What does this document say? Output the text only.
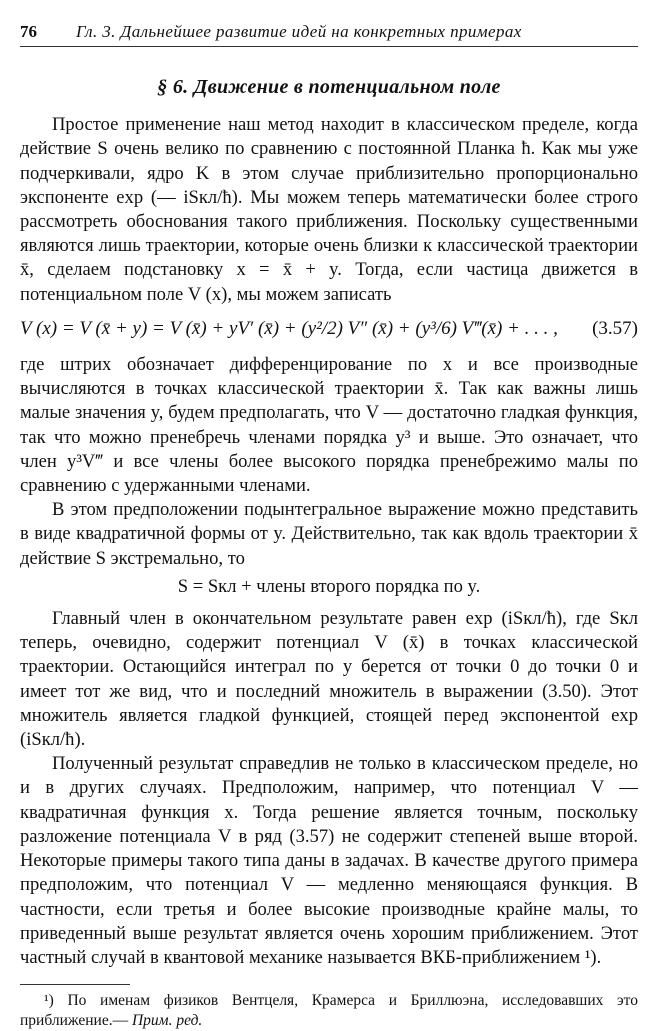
76	Гл. 3. Дальнейшее развитие идей на конкретных примерах
§ 6. Движение в потенциальном поле

Простое применение наш метод находит в классическом пределе, когда действие S очень велико по сравнению с постоянной Планка ħ. Как мы уже подчеркивали, ядро K в этом случае приблизительно пропорционально экспоненте exp (— iSкл/ħ). Мы можем теперь математически более строго рассмотреть обоснования такого приближения. Поскольку существенными являются лишь траектории, которые очень близки к классической траектории x̄, сделаем подстановку x = x̄ + y. Тогда, если частица движется в потенциальном поле V (x), мы можем записать

V (x) = V (x̄ + y) = V (x̄) + yV′ (x̄) + (y²/2) V″ (x̄) + (y³/6) V‴(x̄) + . . . , (3.57)

где штрих обозначает дифференцирование по x и все производные вычисляются в точках классической траектории x̄. Так как важны лишь малые значения y, будем предполагать, что V — достаточно гладкая функция, так что можно пренебречь членами порядка y³ и выше. Это означает, что член y³V‴ и все члены более высокого порядка пренебрежимо малы по сравнению с удержанными членами.

В этом предположении подынтегральное выражение можно представить в виде квадратичной формы от y. Действительно, так как вдоль траектории x̄ действие S экстремально, то

S = Sкл + члены второго порядка по y.

Главный член в окончательном результате равен exp (iSкл/ħ), где Sкл теперь, очевидно, содержит потенциал V (x̄) в точках классической траектории. Остающийся интеграл по y берется от точки 0 до точки 0 и имеет тот же вид, что и последний множитель в выражении (3.50). Этот множитель является гладкой функцией, стоящей перед экспонентой exp (iSкл/ħ).

Полученный результат справедлив не только в классическом пределе, но и в других случаях. Предположим, например, что потенциал V — квадратичная функция x. Тогда решение является точным, поскольку разложение потенциала V в ряд (3.57) не содержит степеней выше второй. Некоторые примеры такого типа даны в задачах. В качестве другого примера предположим, что потенциал V — медленно меняющаяся функция. В частности, если третья и более высокие производные крайне малы, то приведенный выше результат является очень хорошим приближением. Этот частный случай в квантовой механике называется ВКБ-приближением ¹).

¹) По именам физиков Вентцеля, Крамерса и Бриллюэна, исследовавших это приближение.— Прим. ред.
